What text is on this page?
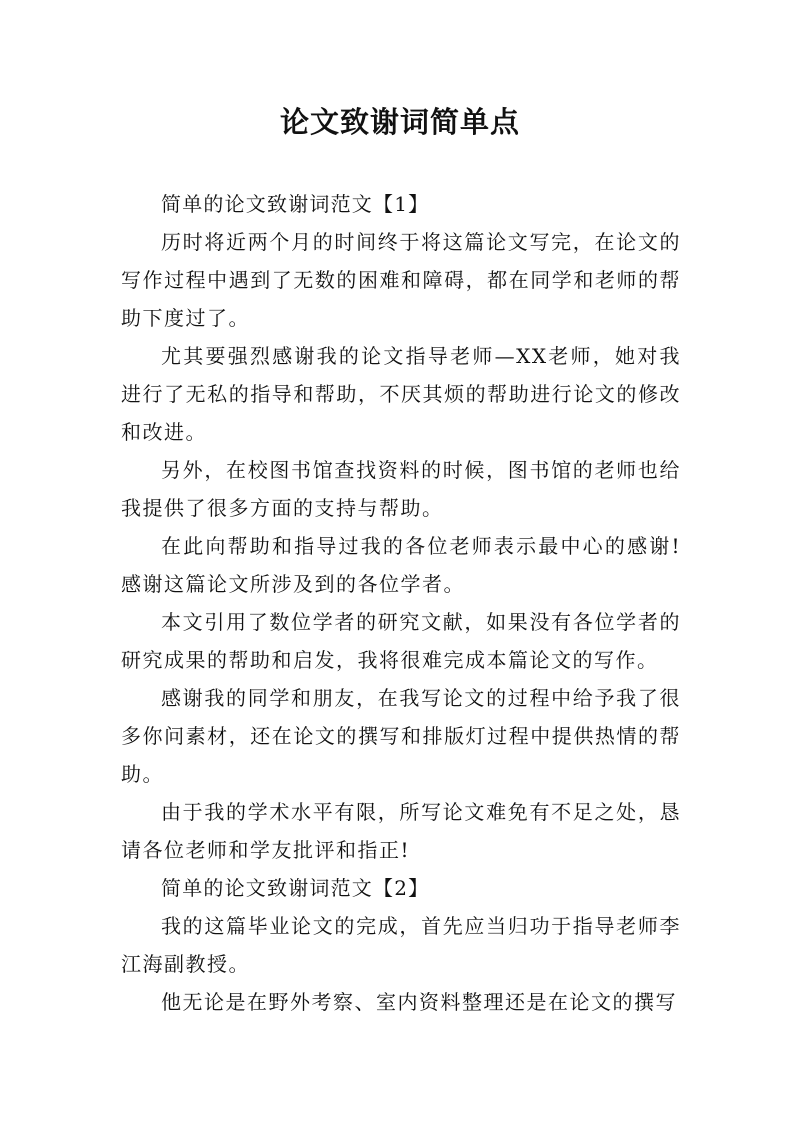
论文致谢词简单点

简单的论文致谢词范文【1】

历时将近两个月的时间终于将这篇论文写完，在论文的写作过程中遇到了无数的困难和障碍，都在同学和老师的帮助下度过了。

尤其要强烈感谢我的论文指导老师—XX老师，她对我进行了无私的指导和帮助，不厌其烦的帮助进行论文的修改和改进。

另外，在校图书馆查找资料的时候，图书馆的老师也给我提供了很多方面的支持与帮助。

在此向帮助和指导过我的各位老师表示最中心的感谢!感谢这篇论文所涉及到的各位学者。

本文引用了数位学者的研究文献，如果没有各位学者的研究成果的帮助和启发，我将很难完成本篇论文的写作。

感谢我的同学和朋友，在我写论文的过程中给予我了很多你问素材，还在论文的撰写和排版灯过程中提供热情的帮助。

由于我的学术水平有限，所写论文难免有不足之处，恳请各位老师和学友批评和指正!

简单的论文致谢词范文【2】

我的这篇毕业论文的完成，首先应当归功于指导老师李江海副教授。

他无论是在野外考察、室内资料整理还是在论文的撰写
